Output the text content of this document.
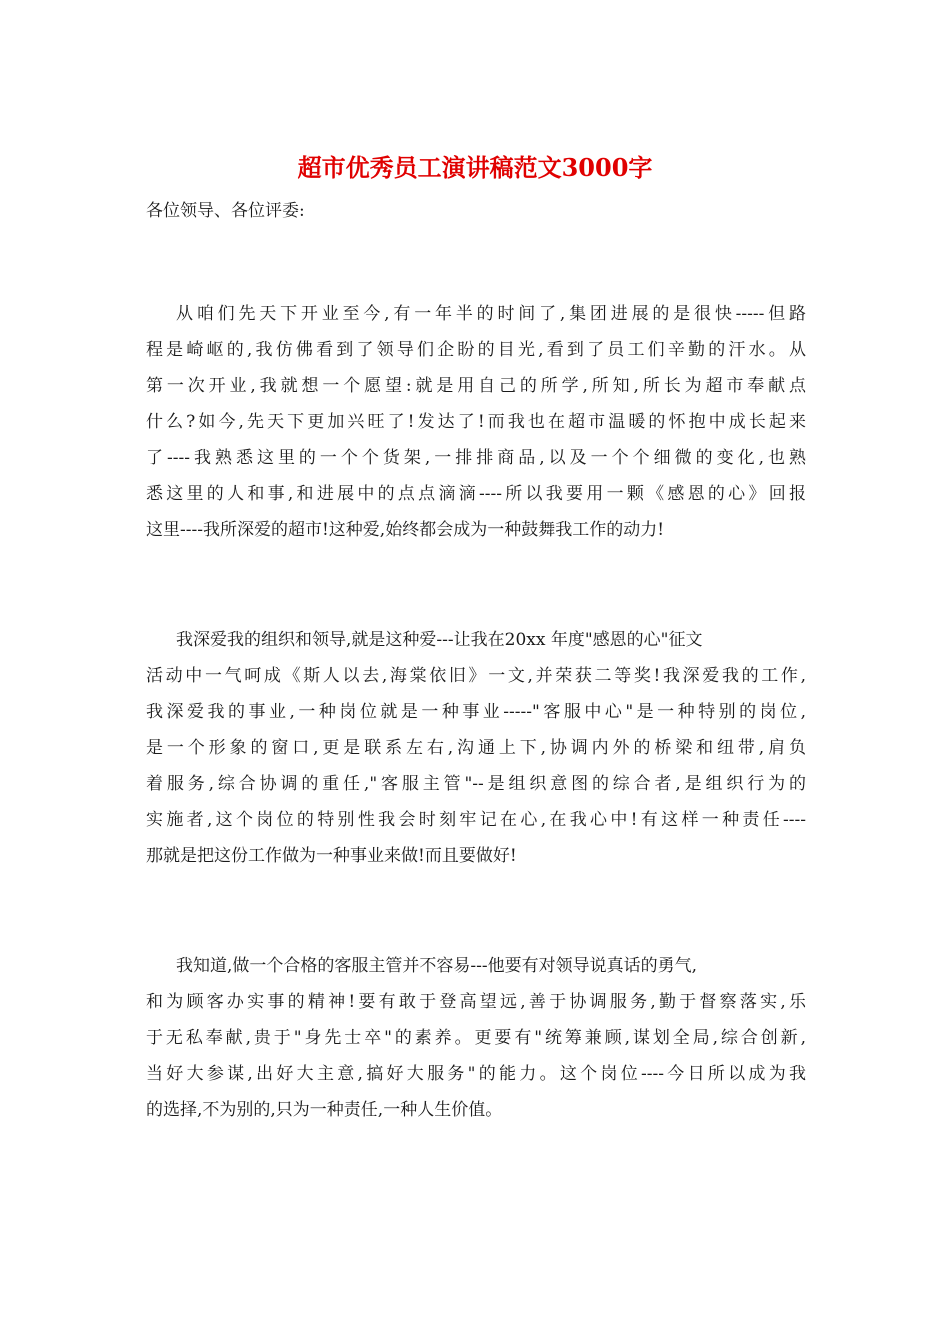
超市优秀员工演讲稿范文3000字

各位领导、各位评委:

从咱们先天下开业至今,有一年半的时间了,集团进展的是很快-----但路
程是崎岖的,我仿佛看到了领导们企盼的目光,看到了员工们辛勤的汗水。从
第一次开业,我就想一个愿望:就是用自己的所学,所知,所长为超市奉献点
什么?如今,先天下更加兴旺了!发达了!而我也在超市温暖的怀抱中成长起来
了----我熟悉这里的一个个货架,一排排商品,以及一个个细微的变化,也熟
悉这里的人和事,和进展中的点点滴滴----所以我要用一颗《感恩的心》回报
这里----我所深爱的超市!这种爱,始终都会成为一种鼓舞我工作的动力!
我深爱我的组织和领导,就是这种爱---让我在20xx 年度"感恩的心"征文
活动中一气呵成《斯人以去,海棠依旧》一文,并荣获二等奖!我深爱我的工作,
我深爱我的事业,一种岗位就是一种事业-----"客服中心"是一种特别的岗位,
是一个形象的窗口,更是联系左右,沟通上下,协调内外的桥梁和纽带,肩负
着服务,综合协调的重任,"客服主管"--是组织意图的综合者,是组织行为的
实施者,这个岗位的特别性我会时刻牢记在心,在我心中!有这样一种责任----
那就是把这份工作做为一种事业来做!而且要做好!
我知道,做一个合格的客服主管并不容易---他要有对领导说真话的勇气,
和为顾客办实事的精神!要有敢于登高望远,善于协调服务,勤于督察落实,乐
于无私奉献,贵于"身先士卒"的素养。更要有"统筹兼顾,谋划全局,综合创新,
当好大参谋,出好大主意,搞好大服务"的能力。这个岗位----今日所以成为我
的选择,不为别的,只为一种责任,一种人生价值。
